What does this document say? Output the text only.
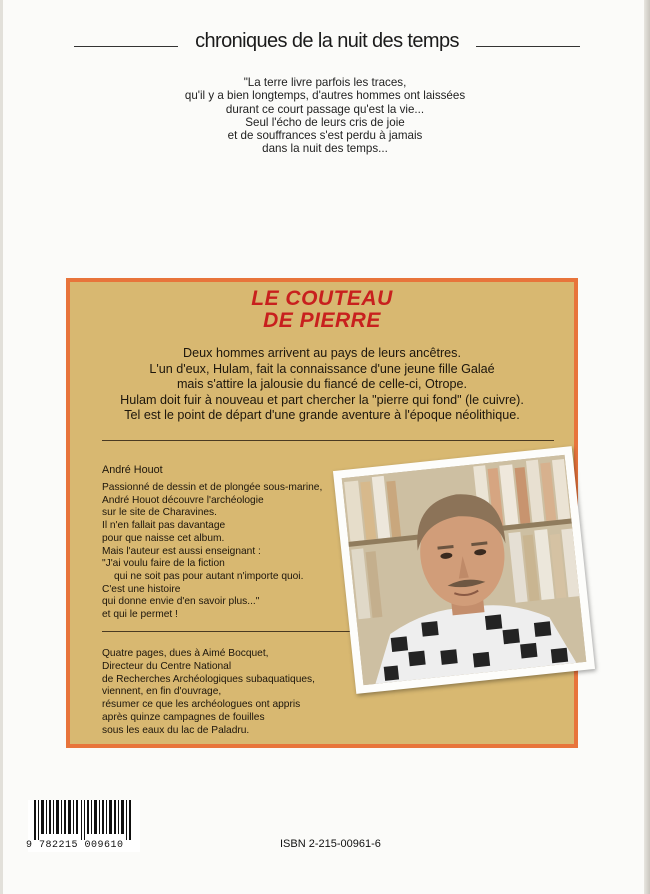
chroniques de la nuit des temps
"La terre livre parfois les traces,
qu'il y a bien longtemps, d'autres hommes ont laissées
durant ce court passage qu'est la vie...
Seul l'écho de leurs cris de joie
et de souffrances s'est perdu à jamais
dans la nuit des temps...
LE COUTEAU
DE PIERRE
Deux hommes arrivent au pays de leurs ancêtres.
L'un d'eux, Hulam, fait la connaissance d'une jeune fille Galaé
mais s'attire la jalousie du fiancé de celle-ci, Otrope.
Hulam doit fuir à nouveau et part chercher la "pierre qui fond" (le cuivre).
Tel est le point de départ d'une grande aventure à l'époque néolithique.
André Houot
Passionné de dessin et de plongée sous-marine,
André Houot découvre l'archéologie
sur le site de Charavines.
Il n'en fallait pas davantage
pour que naisse cet album.
Mais l'auteur est aussi enseignant :
"J'ai voulu faire de la fiction
qui ne soit pas pour autant n'importe quoi.
C'est une histoire
qui donne envie d'en savoir plus..."
et qui le permet !
Quatre pages, dues à Aimé Bocquet,
Directeur du Centre National
de Recherches Archéologiques subaquatiques,
viennent, en fin d'ouvrage,
résumer ce que les archéologues ont appris
après quinze campagnes de fouilles
sous les eaux du lac de Paladru.
9 782215 009610	ISBN 2-215-00961-6
